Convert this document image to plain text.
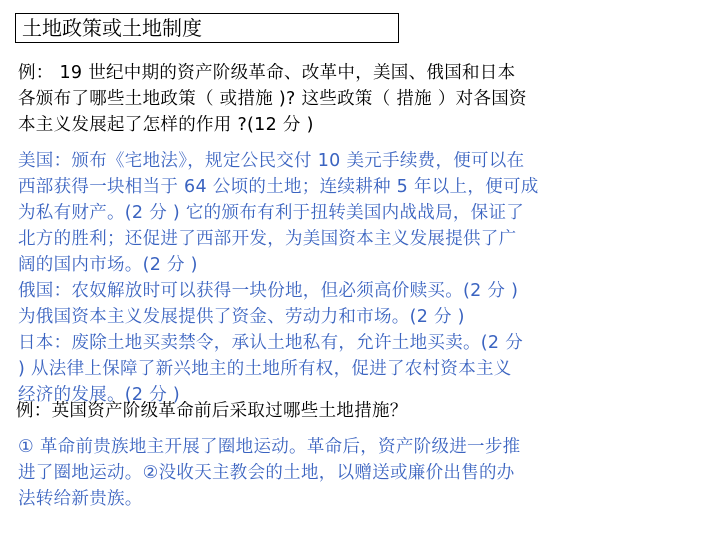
土地政策或土地制度
例： 19 世纪中期的资产阶级革命、改革中，美国、俄国和日本
各颁布了哪些土地政策（ 或措施 )? 这些政策（ 措施 ）对各国资
本主义发展起了怎样的作用 ?(12 分 )
美国：颁布《宅地法》，规定公民交付 10 美元手续费，便可以在
西部获得一块相当于 64 公顷的土地；连续耕种 5 年以上，便可成
为私有财产。(2 分 ) 它的颁布有利于扭转美国内战战局，保证了
北方的胜利；还促进了西部开发，为美国资本主义发展提供了广
阔的国内市场。(2 分 )
俄国：农奴解放时可以获得一块份地，但必须高价赎买。(2 分 )
为俄国资本主义发展提供了资金、劳动力和市场。(2 分 )
日本：废除土地买卖禁令，承认土地私有，允许土地买卖。(2 分
) 从法律上保障了新兴地主的土地所有权，促进了农村资本主义
经济的发展。(2 分 )
例：英国资产阶级革命前后采取过哪些土地措施？
① 革命前贵族地主开展了圈地运动。革命后，资产阶级进一步推
进了圈地运动。②没收天主教会的土地，以赠送或廉价出售的办
法转给新贵族。
